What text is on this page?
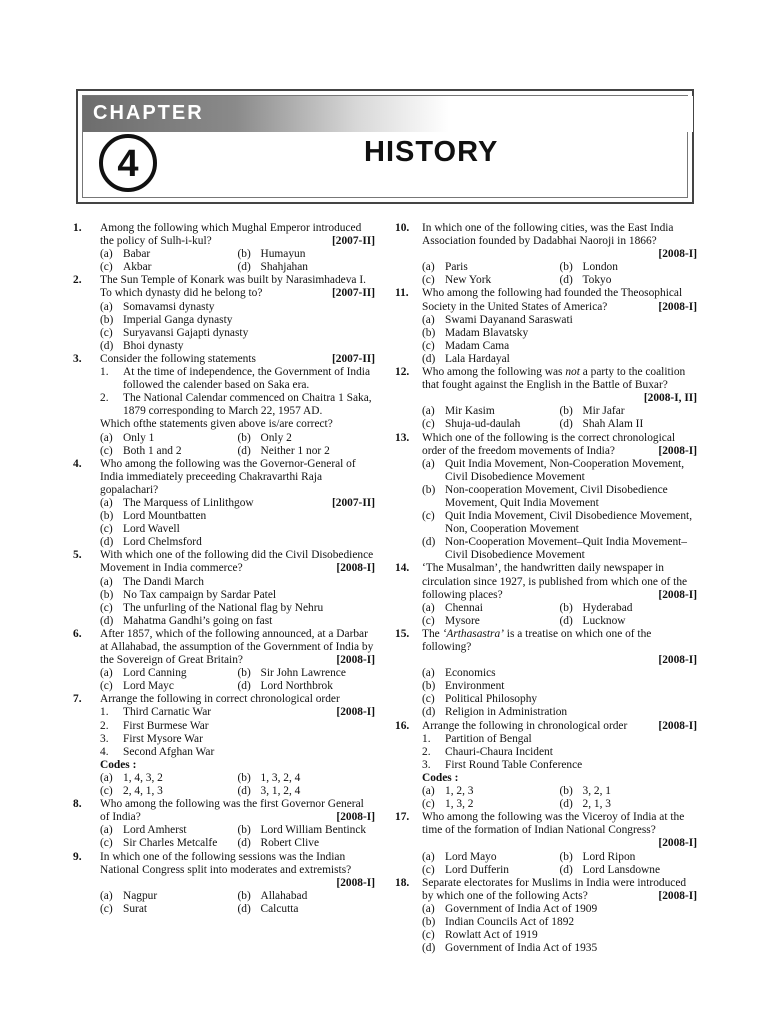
CHAPTER
4	HISTORY
1. Among the following which Mughal Emperor introduced the policy of Sulh-i-kul?	[2007-II]
(a) Babar	(b) Humayun
(c) Akbar	(d) Shahjahan
2. The Sun Temple of Konark was built by Narasimhadeva I. To which dynasty did he belong to?	[2007-II]
(a) Somavamsi dynasty
(b) Imperial Ganga dynasty
(c) Suryavansi Gajapti dynasty
(d) Bhoi dynasty
3. Consider the following statements	[2007-II]
1. At the time of independence, the Government of India followed the calender based on Saka era.
2. The National Calendar commenced on Chaitra 1 Saka, 1879 corresponding to March 22, 1957 AD.
Which ofthe statements given above is/are correct?
(a) Only 1	(b) Only 2
(c) Both 1 and 2	(d) Neither 1 nor 2
4. Who among the following was the Governor-General of India immediately preceeding Chakravarthi Raja gopalachari?
(a) The Marquess of Linlithgow	[2007-II]
(b) Lord Mountbatten
(c) Lord Wavell
(d) Lord Chelmsford
5. With which one of the following did the Civil Disobedience Movement in India commerce?	[2008-I]
(a) The Dandi March
(b) No Tax campaign by Sardar Patel
(c) The unfurling of the National flag by Nehru
(d) Mahatma Gandhi’s going on fast
6. After 1857, which of the following announced, at a Darbar at Allahabad, the assumption of the Government of India by the Sovereign of Great Britain?	[2008-I]
(a) Lord Canning	(b) Sir John Lawrence
(c) Lord Mayc	(d) Lord Northbrok
7. Arrange the following in correct chronological order
1. Third Carnatic War	[2008-I]
2. First Burmese War
3. First Mysore War
4. Second Afghan War
Codes :
(a) 1, 4, 3, 2	(b) 1, 3, 2, 4
(c) 2, 4, 1, 3	(d) 3, 1, 2, 4
8. Who among the following was the first Governor General of India?	[2008-I]
(a) Lord Amherst	(b) Lord William Bentinck
(c) Sir Charles Metcalfe	(d) Robert Clive
9. In which one of the following sessions was the Indian National Congress split into moderates and extremists?
[2008-I]
(a) Nagpur	(b) Allahabad
(c) Surat	(d) Calcutta
10. In which one of the following cities, was the East India Association founded by Dadabhai Naoroji in 1866?
[2008-I]
(a) Paris	(b) London
(c) New York	(d) Tokyo
11. Who among the following had founded the Theosophical Society in the United States of America?	[2008-I]
(a) Swami Dayanand Saraswati
(b) Madam Blavatsky
(c) Madam Cama
(d) Lala Hardayal
12. Who among the following was not a party to the coalition that fought against the English in the Battle of Buxar?
[2008-I, II]
(a) Mir Kasim	(b) Mir Jafar
(c) Shuja-ud-daulah	(d) Shah Alam II
13. Which one of the following is the correct chronological order of the freedom movements of India?	[2008-I]
(a) Quit India Movement, Non-Cooperation Movement, Civil Disobedience Movement
(b) Non-cooperation Movement, Civil Disobedience Movement, Quit India Movement
(c) Quit India Movement, Civil Disobedience Movement, Non, Cooperation Movement
(d) Non-Cooperation Movement–Quit India Movement–Civil Disobedience Movement
14. ‘The Musalman’, the handwritten daily newspaper in circulation since 1927, is published from which one of the following places?	[2008-I]
(a) Chennai	(b) Hyderabad
(c) Mysore	(d) Lucknow
15. The ‘Arthasastra’ is a treatise on which one of the following?
[2008-I]
(a) Economics
(b) Environment
(c) Political Philosophy
(d) Religion in Administration
16. Arrange the following in chronological order	[2008-I]
1. Partition of Bengal
2. Chauri-Chaura Incident
3. First Round Table Conference
Codes :
(a) 1, 2, 3	(b) 3, 2, 1
(c) 1, 3, 2	(d) 2, 1, 3
17. Who among the following was the Viceroy of India at the time of the formation of Indian National Congress?
[2008-I]
(a) Lord Mayo	(b) Lord Ripon
(c) Lord Dufferin	(d) Lord Lansdowne
18. Separate electorates for Muslims in India were introduced by which one of the following Acts?	[2008-I]
(a) Government of India Act of 1909
(b) Indian Councils Act of 1892
(c) Rowlatt Act of 1919
(d) Government of India Act of 1935
